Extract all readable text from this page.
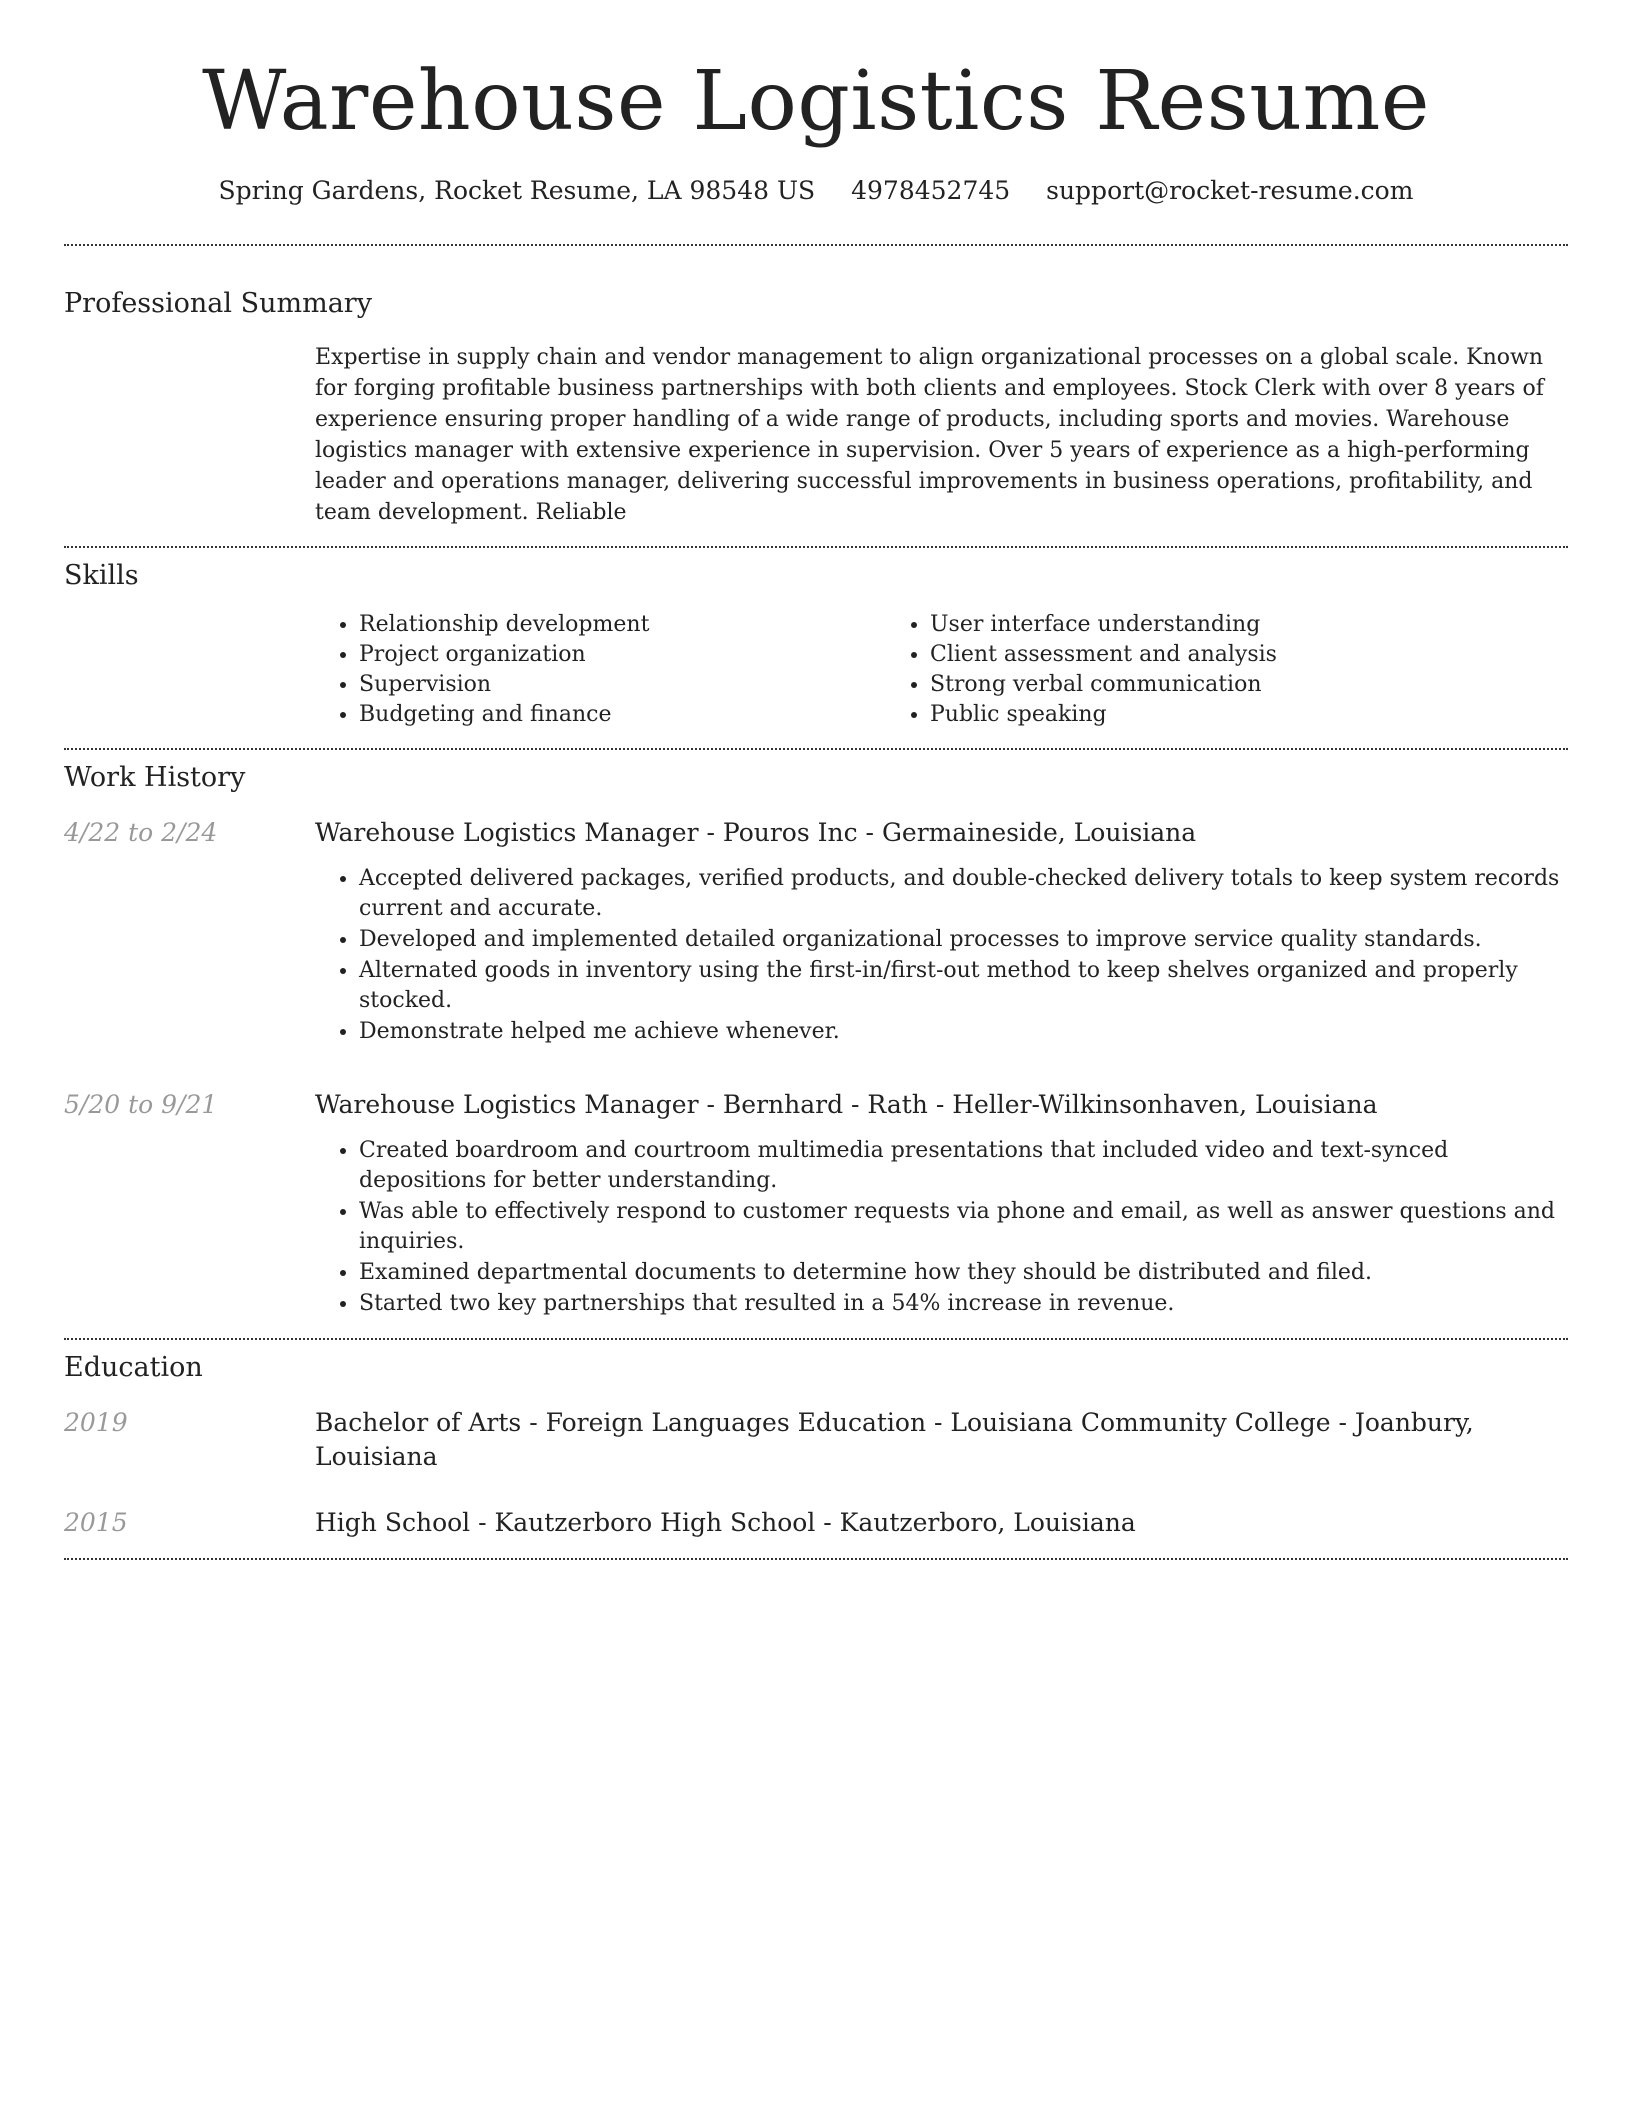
Warehouse Logistics Resume
Spring Gardens, Rocket Resume, LA 98548 US 4978452745 support@rocket-resume.com
Professional Summary

Expertise in supply chain and vendor management to align organizational processes on a global scale. Known for forging profitable business partnerships with both clients and employees. Stock Clerk with over 8 years of experience ensuring proper handling of a wide range of products, including sports and movies. Warehouse logistics manager with extensive experience in supervision. Over 5 years of experience as a high-performing leader and operations manager, delivering successful improvements in business operations, profitability, and team development. Reliable

Skills
• Relationship development
• Project organization
• Supervision
• Budgeting and finance
• User interface understanding
• Client assessment and analysis
• Strong verbal communication
• Public speaking
Work History
4/22 to 2/24	Warehouse Logistics Manager - Pouros Inc - Germaineside, Louisiana
• Accepted delivered packages, verified products, and double-checked delivery totals to keep system records current and accurate.
• Developed and implemented detailed organizational processes to improve service quality standards.
• Alternated goods in inventory using the first-in/first-out method to keep shelves organized and properly stocked.
• Demonstrate helped me achieve whenever.
5/20 to 9/21	Warehouse Logistics Manager - Bernhard - Rath - Heller-Wilkinsonhaven, Louisiana
• Created boardroom and courtroom multimedia presentations that included video and text-synced depositions for better understanding.
• Was able to effectively respond to customer requests via phone and email, as well as answer questions and inquiries.
• Examined departmental documents to determine how they should be distributed and filed.
• Started two key partnerships that resulted in a 54% increase in revenue.
Education
2019	Bachelor of Arts - Foreign Languages Education - Louisiana Community College - Joanbury, Louisiana
2015	High School - Kautzerboro High School - Kautzerboro, Louisiana
